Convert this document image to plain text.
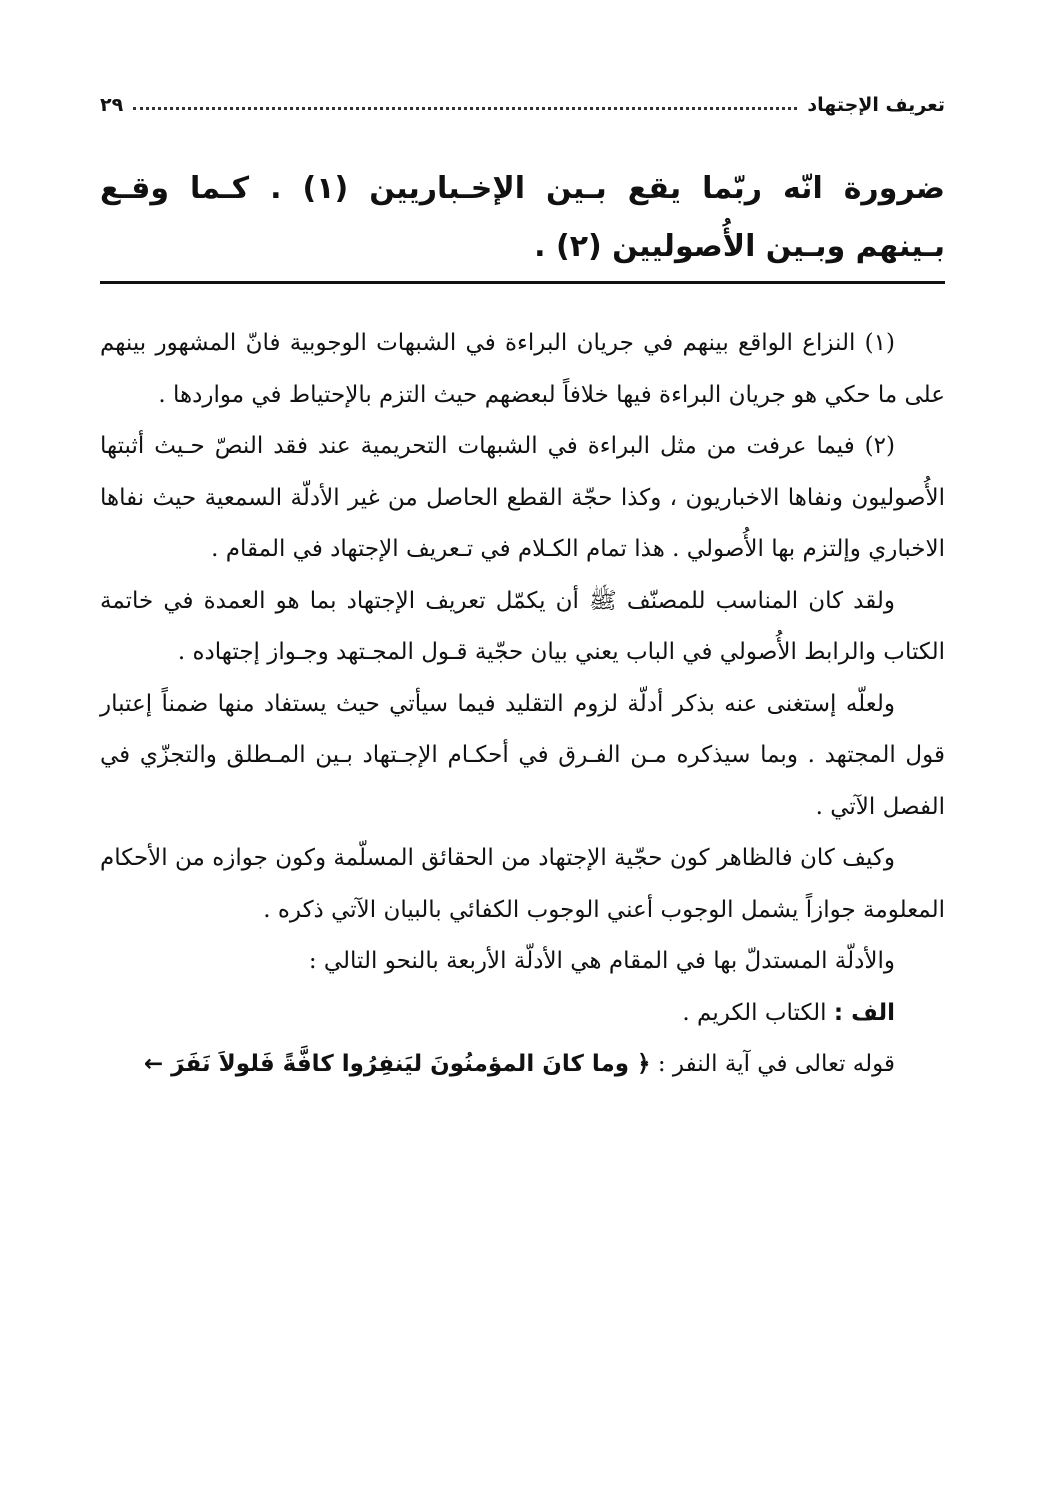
تعريف الإجتهاد
٢٩
ضرورة انّه ربّما يقع بـين الإخـباريين (١) . كـما وقـع بـينهم وبـين الأُصوليين (٢) .

(١) النزاع الواقع بينهم في جريان البراءة في الشبهات الوجوبية فانّ المشهور بينهم على ما حكي هو جريان البراءة فيها خلافاً لبعضهم حيث التزم بالإحتياط في مواردها .

(٢) فيما عرفت من مثل البراءة في الشبهات التحريمية عند فقد النصّ حـيث أثبتها الأُصوليون ونفاها الاخباريون ، وكذا حجّة القطع الحاصل من غير الأدلّة السمعية حيث نفاها الاخباري وإلتزم بها الأُصولي . هذا تمام الكـلام في تـعريف الإجتهاد في المقام .

ولقد كان المناسب للمصنّف ﷺ أن يكمّل تعريف الإجتهاد بما هو العمدة في خاتمة الكتاب والرابط الأُصولي في الباب يعني بيان حجّية قـول المجـتهد وجـواز إجتهاده .

ولعلّه إستغنى عنه بذكر أدلّة لزوم التقليد فيما سيأتي حيث يستفاد منها ضمناً إعتبار قول المجتهد . وبما سيذكره مـن الفـرق في أحكـام الإجـتهاد بـين المـطلق والتجزّي في الفصل الآتي .

وكيف كان فالظاهر كون حجّية الإجتهاد من الحقائق المسلّمة وكون جوازه من الأحكام المعلومة جوازاً يشمل الوجوب أعني الوجوب الكفائي بالبيان الآتي ذكره .

والأدلّة المستدلّ بها في المقام هي الأدلّة الأربعة بالنحو التالي :

الف : الكتاب الكريم .

قوله تعالى في آية النفر : ﴿ وما كانَ المؤمنُونَ ليَنفِرُوا كافَّةً فَلولاَ نَفَرَ ←
